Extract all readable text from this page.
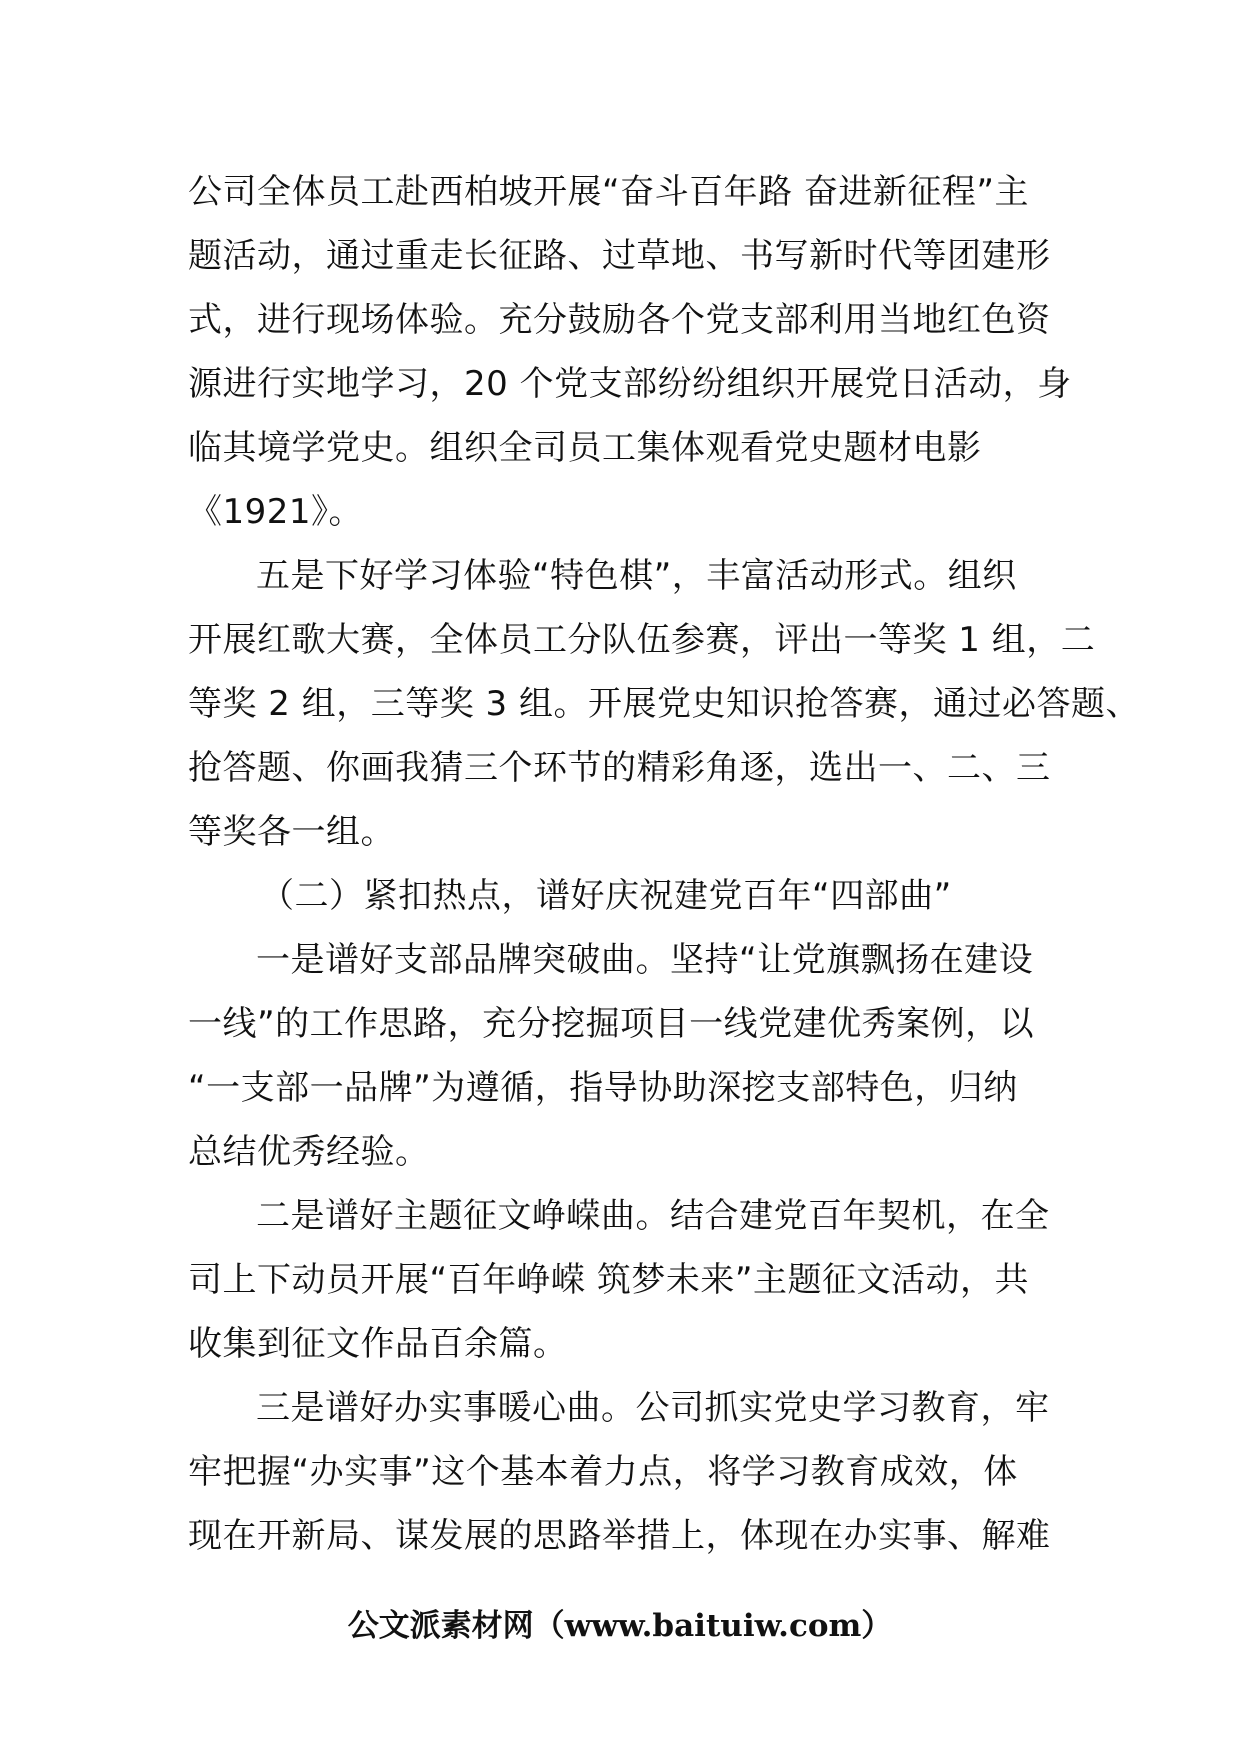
公司全体员工赴西柏坡开展“奋斗百年路 奋进新征程”主
题活动，通过重走长征路、过草地、书写新时代等团建形
式，进行现场体验。充分鼓励各个党支部利用当地红色资
源进行实地学习，20 个党支部纷纷组织开展党日活动，身
临其境学党史。组织全司员工集体观看党史题材电影
《1921》。
五是下好学习体验“特色棋”，丰富活动形式。组织
开展红歌大赛，全体员工分队伍参赛，评出一等奖 1 组，二
等奖 2 组，三等奖 3 组。开展党史知识抢答赛，通过必答题、
抢答题、你画我猜三个环节的精彩角逐，选出一、二、三
等奖各一组。
（二）紧扣热点，谱好庆祝建党百年“四部曲”
一是谱好支部品牌突破曲。坚持“让党旗飘扬在建设
一线”的工作思路，充分挖掘项目一线党建优秀案例，以
“一支部一品牌”为遵循，指导协助深挖支部特色，归纳
总结优秀经验。
二是谱好主题征文峥嵘曲。结合建党百年契机，在全
司上下动员开展“百年峥嵘 筑梦未来”主题征文活动，共
收集到征文作品百余篇。
三是谱好办实事暖心曲。公司抓实党史学习教育，牢
牢把握“办实事”这个基本着力点，将学习教育成效，体
现在开新局、谋发展的思路举措上，体现在办实事、解难
公文派素材网（www.baituiw.com）
